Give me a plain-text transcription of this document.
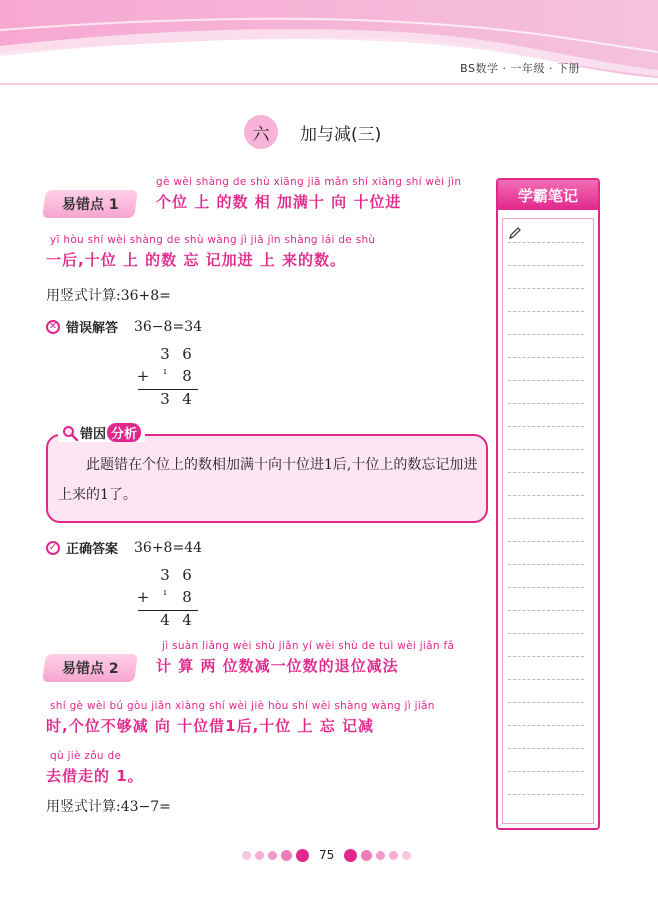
BS数学 · 一年级 · 下册
六	加与减(三)
易错点 1
gè wèi shàng de shù xiāng jiā mǎn shí xiàng shí wèi jìn
个位 上 的数 相 加满十 向 十位进
yī hòu shí wèi shàng de shù wàng jì jiā jìn shàng lái de shù
一后,十位 上 的数 忘 记加进 上 来的数。
用竖式计算:36+8=
✕ 错误解答 36−8=34
3 6
+	ı	8
3 4
错因 分析
此题错在个位上的数相加满十向十位进1后,十位上的数忘记加进上来的1了。
✓ 正确答案 36+8=44
3 6
+	ı	8
4 4
易错点 2
jì suàn liǎng wèi shù jiǎn yí wèi shù de tuì wèi jiǎn fǎ
计 算 两 位数减一位数的退位减法
shí gè wèi bú gòu jiǎn xiàng shí wèi jiè hòu shí wèi shàng wàng jì jiǎn
时,个位不够减 向 十位借1后,十位 上 忘 记减
qù jiè zǒu de
去借走的 1。
用竖式计算:43−7=
学霸笔记
75
